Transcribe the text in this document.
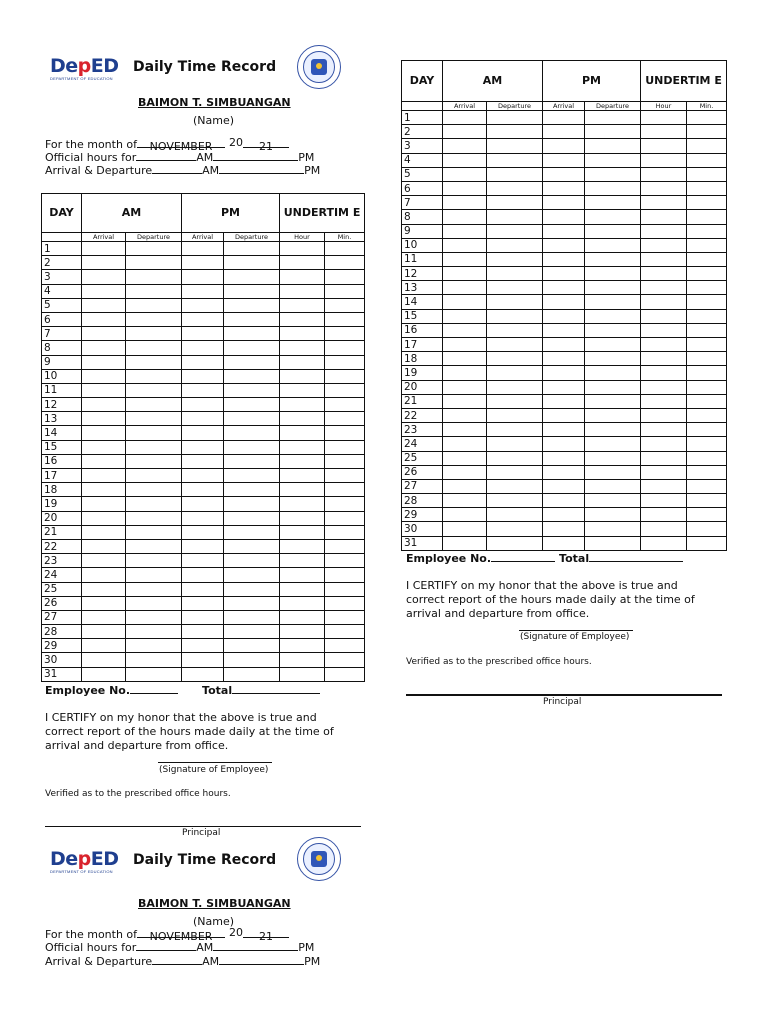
DepED
DEPARTMENT OF EDUCATION
Daily Time Record
BAIMON T. SIMBUANGAN
(Name)
For the month of	NOVEMBER	20	21
Official hours for	AM	PM
Arrival & Departure	AM	PM
DAY	AM		PM		UNDERTIM E	
	Arrival	Departure	Arrival	Departure	Hour	Min.
1						
2						
3						
4						
5						
6						
7						
8						
9						
10						
11						
12						
13						
14						
15						
16						
17						
18						
19						
20						
21						
22						
23						
24						
25						
26						
27						
28						
29						
30						
31						
Employee No.	Total
I CERTIFY on my honor that the above is true and correct report of the hours made daily at the time of arrival and departure from office.
(Signature of Employee)
Verified as to the prescribed office hours.
Principal
DepED
DEPARTMENT OF EDUCATION
Daily Time Record
BAIMON T. SIMBUANGAN
(Name)
For the month of	NOVEMBER	20	21
Official hours for	AM	PM
Arrival & Departure	AM	PM
DAY	AM		PM		UNDERTIM E	
	Arrival	Departure	Arrival	Departure	Hour	Min.
1						
2						
3						
4						
5						
6						
7						
8						
9						
10						
11						
12						
13						
14						
15						
16						
17						
18						
19						
20						
21						
22						
23						
24						
25						
26						
27						
28						
29						
30						
31						
Employee No.	Total
I CERTIFY on my honor that the above is true and correct report of the hours made daily at the time of arrival and departure from office.
(Signature of Employee)
Verified as to the prescribed office hours.
Principal
